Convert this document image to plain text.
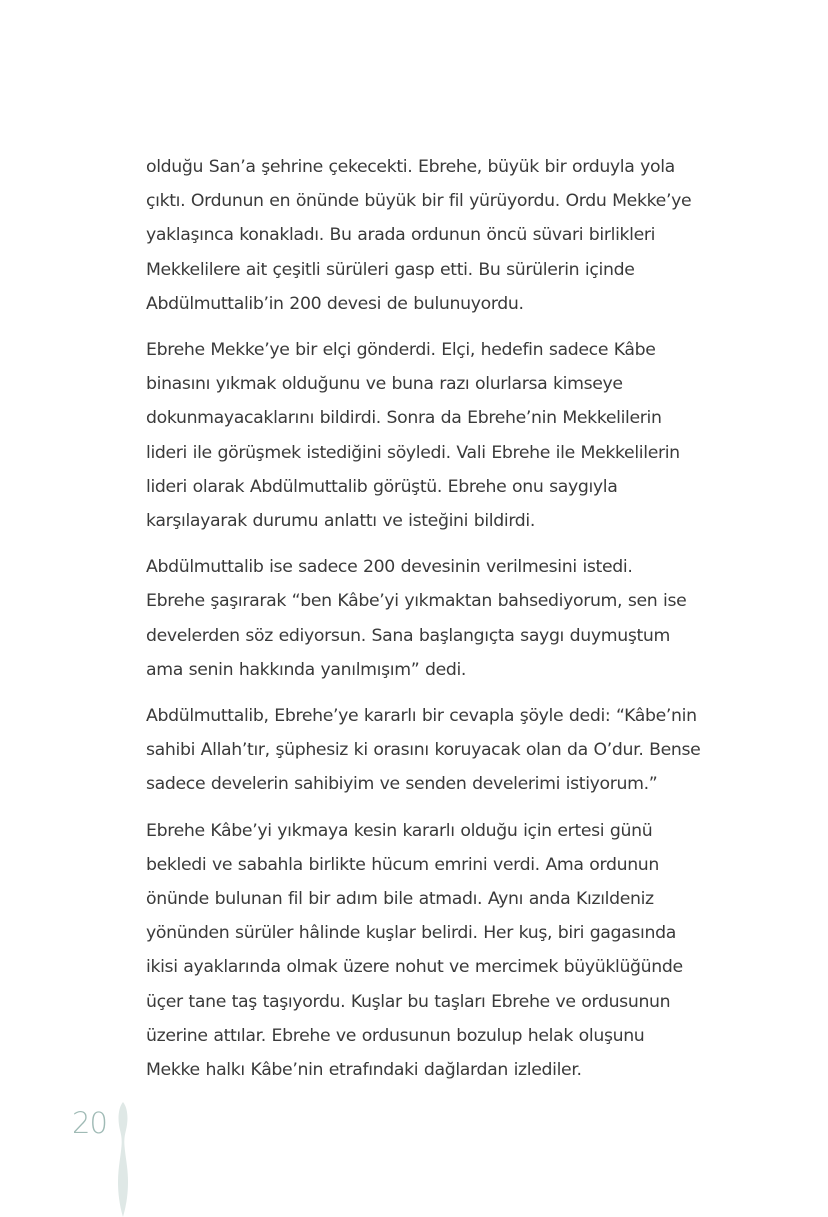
olduğu San’a şehrine çekecekti. Ebrehe, büyük bir orduyla yola
çıktı. Ordunun en önünde büyük bir fil yürüyordu. Ordu Mekke’ye
yaklaşınca konakladı. Bu arada ordunun öncü süvari birlikleri
Mekkelilere ait çeşitli sürüleri gasp etti. Bu sürülerin içinde
Abdülmuttalib’in 200 devesi de bulunuyordu.

Ebrehe Mekke’ye bir elçi gönderdi. Elçi, hedefin sadece Kâbe
binasını yıkmak olduğunu ve buna razı olurlarsa kimseye
dokunmayacaklarını bildirdi. Sonra da Ebrehe’nin Mekkelilerin
lideri ile görüşmek istediğini söyledi. Vali Ebrehe ile Mekkelilerin
lideri olarak Abdülmuttalib görüştü. Ebrehe onu saygıyla
karşılayarak durumu anlattı ve isteğini bildirdi.

Abdülmuttalib ise sadece 200 devesinin verilmesini istedi.
Ebrehe şaşırarak “ben Kâbe’yi yıkmaktan bahsediyorum, sen ise
develerden söz ediyorsun. Sana başlangıçta saygı duymuştum
ama senin hakkında yanılmışım” dedi.

Abdülmuttalib, Ebrehe’ye kararlı bir cevapla şöyle dedi: “Kâbe’nin
sahibi Allah’tır, şüphesiz ki orasını koruyacak olan da O’dur. Bense
sadece develerin sahibiyim ve senden develerimi istiyorum.”

Ebrehe Kâbe’yi yıkmaya kesin kararlı olduğu için ertesi günü
bekledi ve sabahla birlikte hücum emrini verdi. Ama ordunun
önünde bulunan fil bir adım bile atmadı. Aynı anda Kızıldeniz
yönünden sürüler hâlinde kuşlar belirdi. Her kuş, biri gagasında
ikisi ayaklarında olmak üzere nohut ve mercimek büyüklüğünde
üçer tane taş taşıyordu. Kuşlar bu taşları Ebrehe ve ordusunun
üzerine attılar. Ebrehe ve ordusunun bozulup helak oluşunu
Mekke halkı Kâbe’nin etrafındaki dağlardan izlediler.

20
